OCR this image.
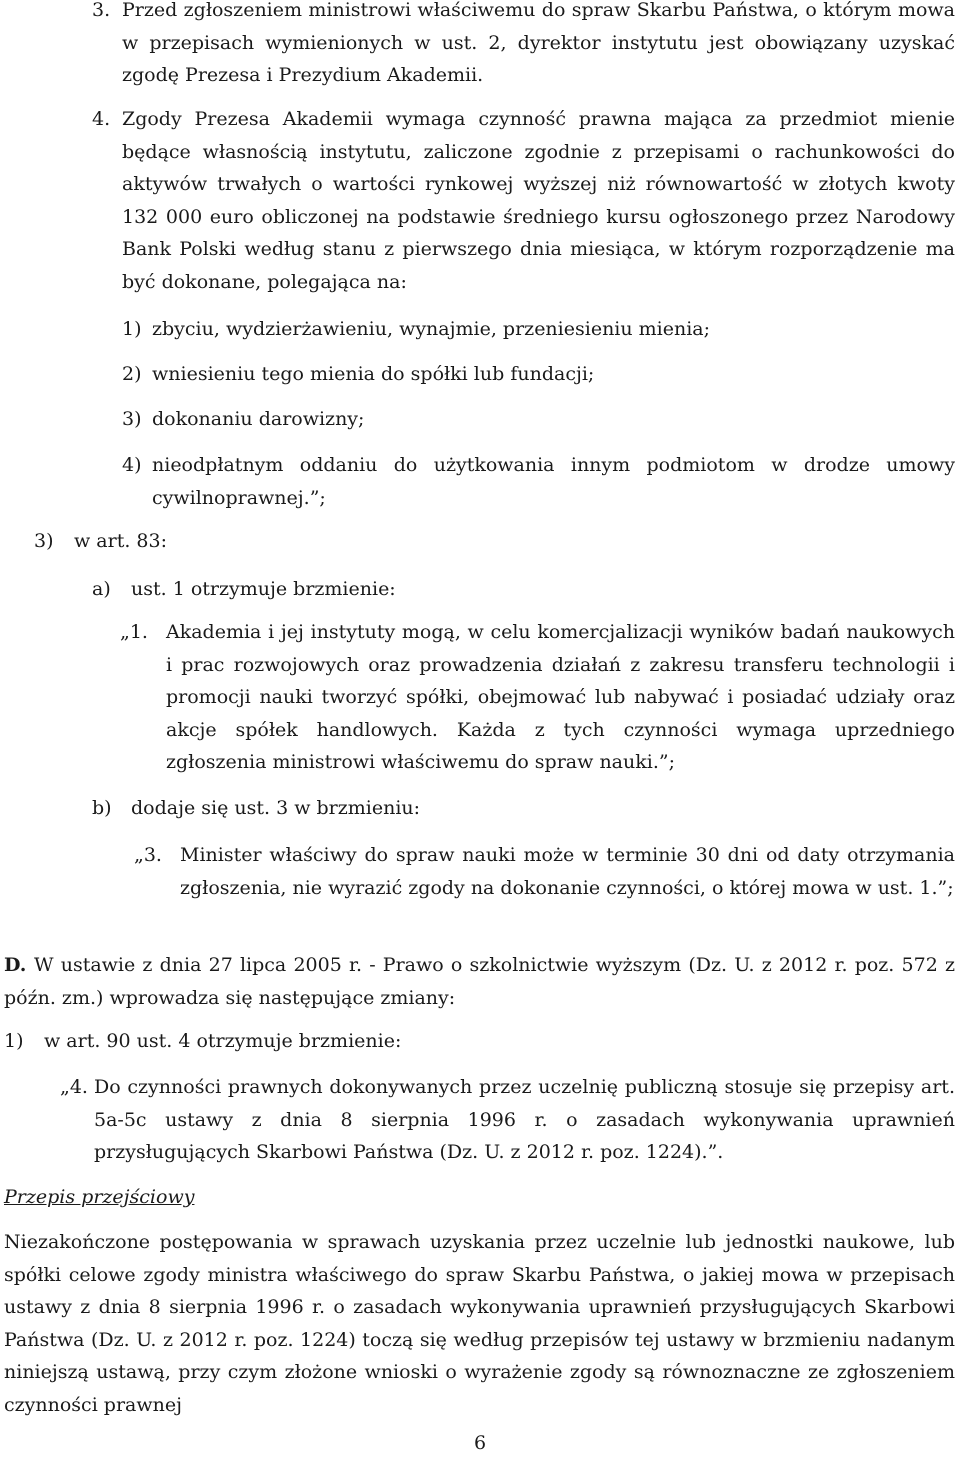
3. Przed zgłoszeniem ministrowi właściwemu do spraw Skarbu Państwa, o którym mowa w przepisach wymienionych w ust. 2, dyrektor instytutu jest obowiązany uzyskać zgodę Prezesa i Prezydium Akademii.

4. Zgody Prezesa Akademii wymaga czynność prawna mająca za przedmiot mienie będące własnością instytutu, zaliczone zgodnie z przepisami o rachunkowości do aktywów trwałych o wartości rynkowej wyższej niż równowartość w złotych kwoty 132 000 euro obliczonej na podstawie średniego kursu ogłoszonego przez Narodowy Bank Polski według stanu z pierwszego dnia miesiąca, w którym rozporządzenie ma być dokonane, polegająca na:

1) zbyciu, wydzierżawieniu, wynajmie, przeniesieniu mienia;
2) wniesieniu tego mienia do spółki lub fundacji;
3) dokonaniu darowizny;
4) nieodpłatnym oddaniu do użytkowania innym podmiotom w drodze umowy cywilnoprawnej.”;

3) w art. 83:
a) ust. 1 otrzymuje brzmienie:
„1. Akademia i jej instytuty mogą, w celu komercjalizacji wyników badań naukowych i prac rozwojowych oraz prowadzenia działań z zakresu transferu technologii i promocji nauki tworzyć spółki, obejmować lub nabywać i posiadać udziały oraz akcje spółek handlowych. Każda z tych czynności wymaga uprzedniego zgłoszenia ministrowi właściwemu do spraw nauki.”;

b) dodaje się ust. 3 w brzmieniu:
„3. Minister właściwy do spraw nauki może w terminie 30 dni od daty otrzymania zgłoszenia, nie wyrazić zgody na dokonanie czynności, o której mowa w ust. 1.”;

D. W ustawie z dnia 27 lipca 2005 r. - Prawo o szkolnictwie wyższym (Dz. U. z 2012 r. poz. 572 z późn. zm.) wprowadza się następujące zmiany:

1) w art. 90 ust. 4 otrzymuje brzmienie:
„4. Do czynności prawnych dokonywanych przez uczelnię publiczną stosuje się przepisy art. 5a-5c ustawy z dnia 8 sierpnia 1996 r. o zasadach wykonywania uprawnień przysługujących Skarbowi Państwa (Dz. U. z 2012 r. poz. 1224).”.

Przepis przejściowy

Niezakończone postępowania w sprawach uzyskania przez uczelnie lub jednostki naukowe, lub spółki celowe zgody ministra właściwego do spraw Skarbu Państwa, o jakiej mowa w przepisach ustawy z dnia 8 sierpnia 1996 r. o zasadach wykonywania uprawnień przysługujących Skarbowi Państwa (Dz. U. z 2012 r. poz. 1224) toczą się według przepisów tej ustawy w brzmieniu nadanym niniejszą ustawą, przy czym złożone wnioski o wyrażenie zgody są równoznaczne ze zgłoszeniem czynności prawnej

6
